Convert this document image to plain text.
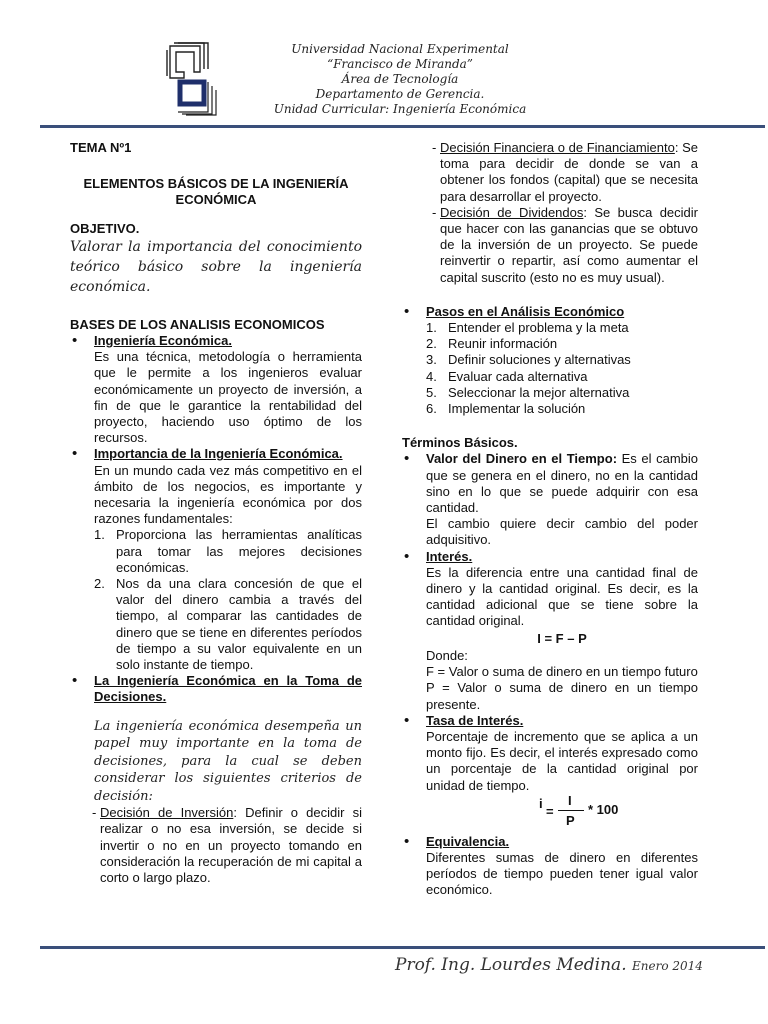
Universidad Nacional Experimental
“Francisco de Miranda”
Área de Tecnología
Departamento de Gerencia.
Unidad Curricular: Ingeniería Económica
TEMA Nº1
ELEMENTOS BÁSICOS DE LA INGENIERÍA
ECONÓMICA
OBJETIVO.
Valorar la importancia del conocimiento teórico básico sobre la ingeniería económica.
BASES DE LOS ANALISIS ECONOMICOS
• Ingeniería Económica.
Es una técnica, metodología o herramienta que le permite a los ingenieros evaluar económicamente un proyecto de inversión, a fin de que le garantice la rentabilidad del proyecto, haciendo uso óptimo de los recursos.
• Importancia de la Ingeniería Económica.
En un mundo cada vez más competitivo en el ámbito de los negocios, es importante y necesaria la ingeniería económica por dos razones fundamentales:
1. Proporciona las herramientas analíticas para tomar las mejores decisiones económicas.
2. Nos da una clara concesión de que el valor del dinero cambia a través del tiempo, al comparar las cantidades de dinero que se tiene en diferentes períodos de tiempo a su valor equivalente en un solo instante de tiempo.
• La Ingeniería Económica en la Toma de Decisiones.
La ingeniería económica desempeña un papel muy importante en la toma de decisiones, para la cual se deben considerar los siguientes criterios de decisión:
- Decisión de Inversión: Definir o decidir si realizar o no esa inversión, se decide si invertir o no en un proyecto tomando en consideración la recuperación de mi capital a corto o largo plazo.
- Decisión Financiera o de Financiamiento: Se toma para decidir de donde se van a obtener los fondos (capital) que se necesita para desarrollar el proyecto.
- Decisión de Dividendos: Se busca decidir que hacer con las ganancias que se obtuvo de la inversión de un proyecto. Se puede reinvertir o repartir, así como aumentar el capital suscrito (esto no es muy usual).
• Pasos en el Análisis Económico
1. Entender el problema y la meta
2. Reunir información
3. Definir soluciones y alternativas
4. Evaluar cada alternativa
5. Seleccionar la mejor alternativa
6. Implementar la solución
Términos Básicos.
• Valor del Dinero en el Tiempo: Es el cambio que se genera en el dinero, no en la cantidad sino en lo que se puede adquirir con esa cantidad.
El cambio quiere decir cambio del poder adquisitivo.
• Interés.
Es la diferencia entre una cantidad final de dinero y la cantidad original. Es decir, es la cantidad adicional que se tiene sobre la cantidad original.
I = F – P
Donde:
F = Valor o suma de dinero en un tiempo futuro
P = Valor o suma de dinero en un tiempo presente.
• Tasa de Interés.
Porcentaje de incremento que se aplica a un monto fijo. Es decir, el interés expresado como un porcentaje de la cantidad original por unidad de tiempo.
i
=
I
P
* 100
• Equivalencia.
Diferentes sumas de dinero en diferentes períodos de tiempo pueden tener igual valor económico.
Prof. Ing. Lourdes Medina. Enero 2014
